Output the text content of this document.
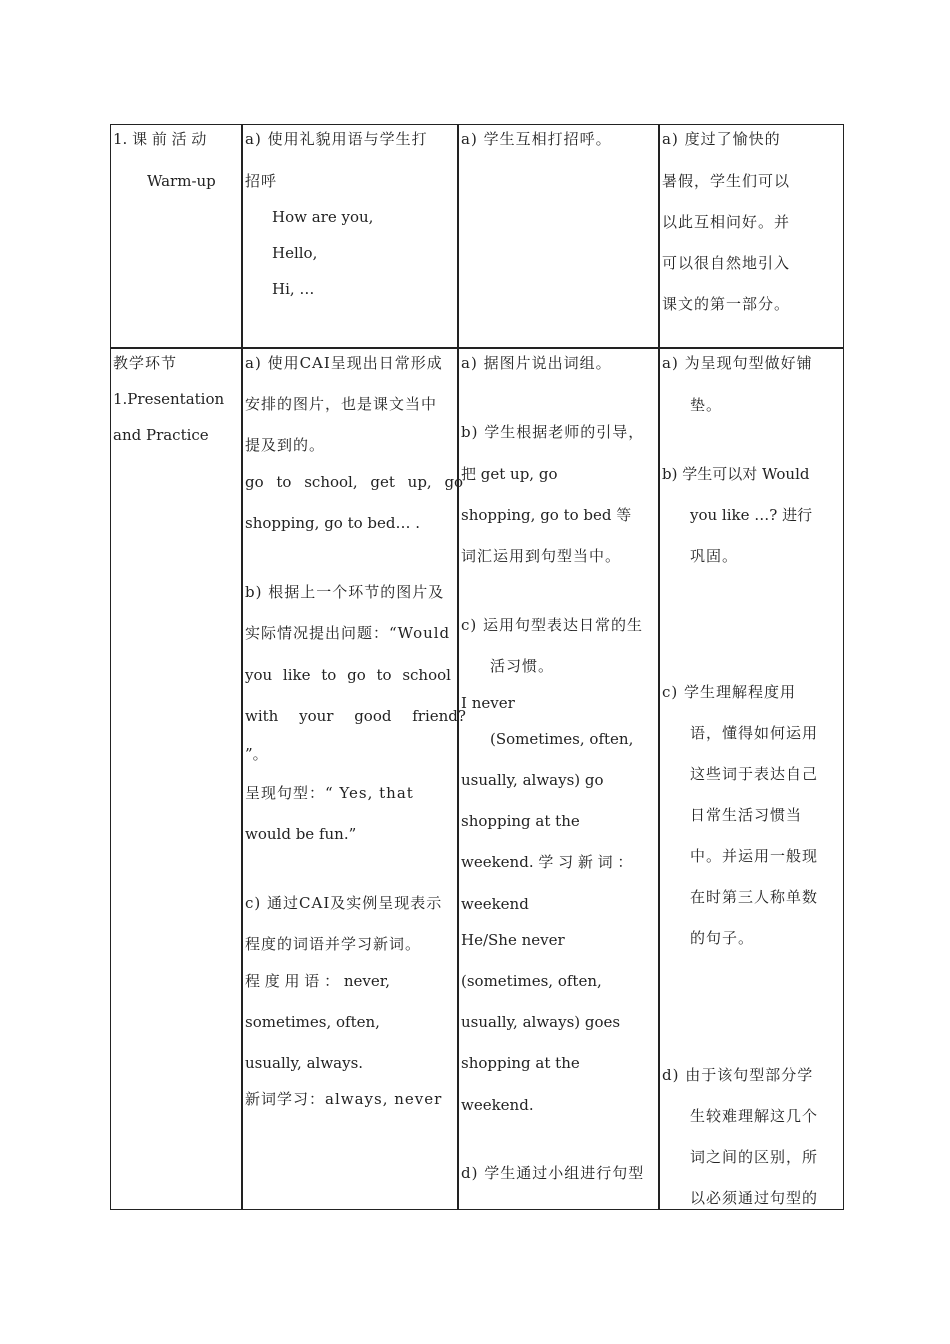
1. 课 前 活 动
Warm-up
a) 使用礼貌用语与学生打
招呼
How are you,
Hello,
Hi, …
a) 学生互相打招呼。	a) 度过了愉快的
暑假，学生们可以
以此互相问好。并
可以很自然地引入
课文的第一部分。
教学环节
1.Presentation
and Practice
a) 使用CAI呈现出日常形成
安排的图片，也是课文当中
提及到的。
go to school, get up, go
shopping, go to bed… .
b) 根据上一个环节的图片及
实际情况提出问题：“Would
you like to go to school
with your good friend?
”。
呈现句型：“ Yes, that
would be fun.”
c) 通过CAI及实例呈现表示
程度的词语并学习新词。
程 度 用 语 ： never,
sometimes, often,
usually, always.
新词学习：always, never
a) 据图片说出词组。
b) 学生根据老师的引导，
把 get up, go
shopping, go to bed 等
词汇运用到句型当中。
c) 运用句型表达日常的生
活习惯。
I never
(Sometimes, often,
usually, always) go
shopping at the
weekend. 学 习 新 词 ：
weekend
He/She never
(sometimes, often,
usually, always) goes
shopping at the
weekend.
d) 学生通过小组进行句型
a) 为呈现句型做好铺
垫。
b) 学生可以对 Would
you like …? 进行
巩固。
c) 学生理解程度用
语，懂得如何运用
这些词于表达自己
日常生活习惯当
中。并运用一般现
在时第三人称单数
的句子。
d) 由于该句型部分学
生较难理解这几个
词之间的区别，所
以必须通过句型的
